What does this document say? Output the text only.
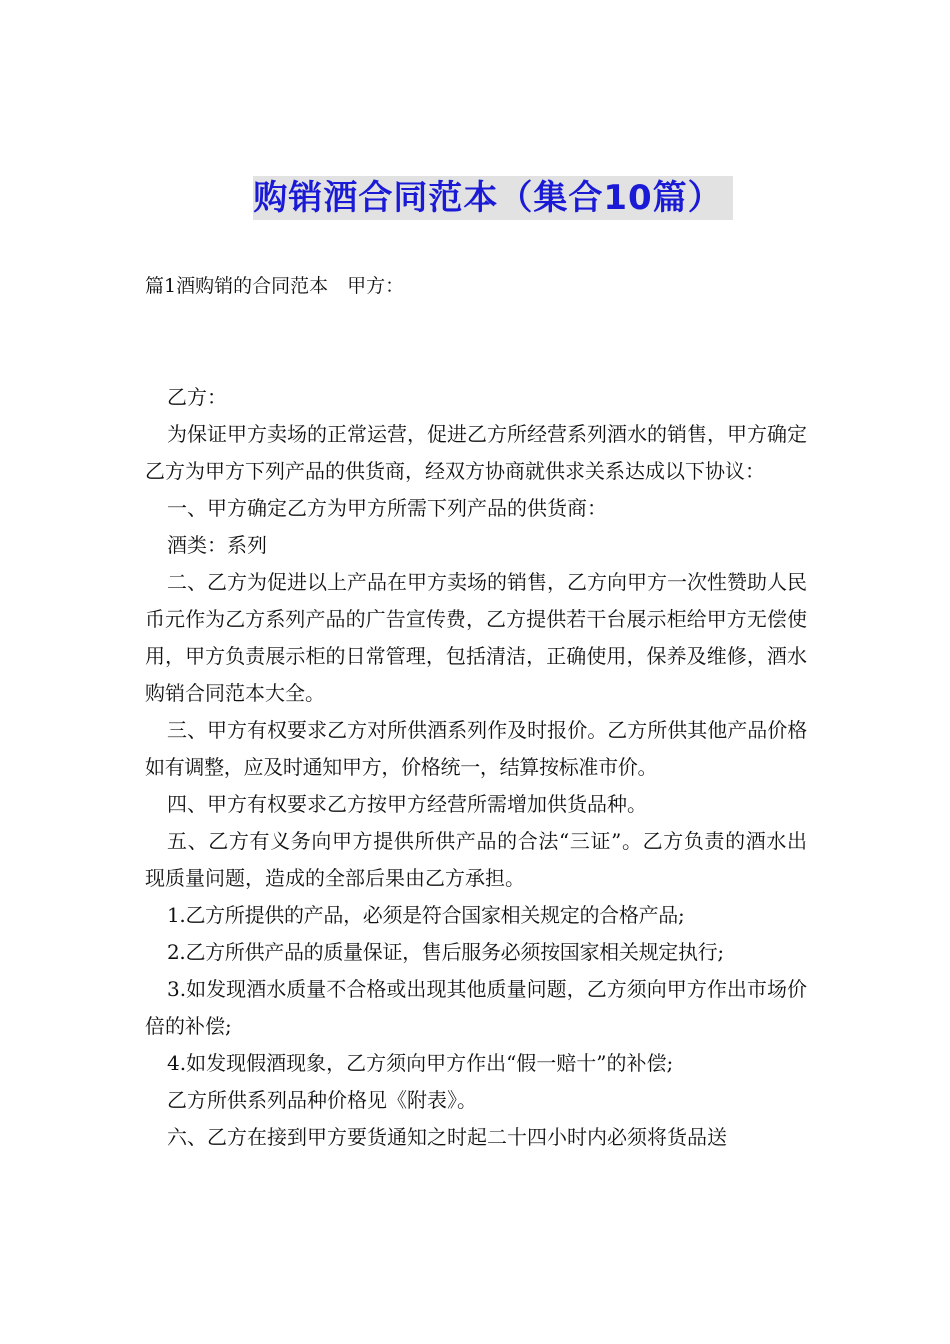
购销酒合同范本（集合10篇）
篇1酒购销的合同范本　甲方：

乙方：

为保证甲方卖场的正常运营，促进乙方所经营系列酒水的销售，甲方确定乙方为甲方下列产品的供货商，经双方协商就供求关系达成以下协议：

一、甲方确定乙方为甲方所需下列产品的供货商：

酒类：系列

二、乙方为促进以上产品在甲方卖场的销售，乙方向甲方一次性赞助人民币元作为乙方系列产品的广告宣传费，乙方提供若干台展示柜给甲方无偿使用，甲方负责展示柜的日常管理，包括清洁，正确使用，保养及维修，酒水购销合同范本大全。

三、甲方有权要求乙方对所供酒系列作及时报价。乙方所供其他产品价格如有调整，应及时通知甲方，价格统一，结算按标准市价。

四、甲方有权要求乙方按甲方经营所需增加供货品种。

五、乙方有义务向甲方提供所供产品的合法“三证”。乙方负责的酒水出现质量问题，造成的全部后果由乙方承担。

1.乙方所提供的产品，必须是符合国家相关规定的合格产品;

2.乙方所供产品的质量保证，售后服务必须按国家相关规定执行;

3.如发现酒水质量不合格或出现其他质量问题，乙方须向甲方作出市场价倍的补偿;

4.如发现假酒现象，乙方须向甲方作出“假一赔十”的补偿;

乙方所供系列品种价格见《附表》。

六、乙方在接到甲方要货通知之时起二十四小时内必须将货品送
